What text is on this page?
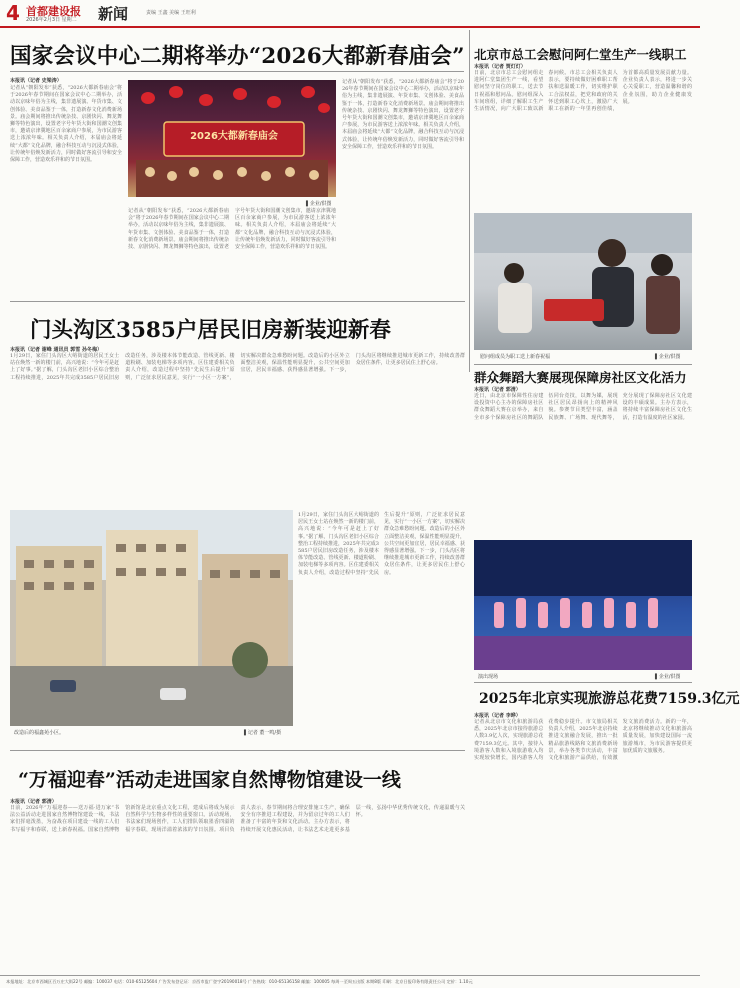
4 首都建设报
2026年2月3日 星期二 新闻	责编 王鑫 美编 王旺利
国家会议中心二期将举办“2026大都新春庙会”
本报讯（记者 史梁涛）
记者从“朝阳发布”获悉，“2026大都新春庙会”将于2026年春节期间在国家会议中心二期举办，活动以京味年俗为主线，集非遗展演、年货市集、文创体验、美食品鉴于一体，打造新春文化消费新场景。庙会期间将推出传统杂技、京剧快闪、舞龙舞狮等特色演出，设置老字号年货大街和国潮文创集市，邀请京津冀地区百余家商户参展，为市民游客送上浓浓年味。相关负责人介绍，本届庙会将延续“大都”文化品牌，融合科技互动与沉浸式体验，让传统年俗焕发新活力，同时做好客流引导和安全保障工作，营造欢乐祥和的节日氛围。
2026大都新春庙会
▌企业/供图
记者从“朝阳发布”获悉，“2026大都新春庙会”将于2026年春节期间在国家会议中心二期举办，活动以京味年俗为主线，集非遗展演、年货市集、文创体验、美食品鉴于一体，打造新春文化消费新场景。庙会期间将推出传统杂技、京剧快闪、舞龙舞狮等特色演出，设置老字号年货大街和国潮文创集市，邀请京津冀地区百余家商户参展，为市民游客送上浓浓年味。相关负责人介绍，本届庙会将延续“大都”文化品牌，融合科技互动与沉浸式体验，让传统年俗焕发新活力，同时做好客流引导和安全保障工作，营造欢乐祥和的节日氛围。
记者从“朝阳发布”获悉，“2026大都新春庙会”将于2026年春节期间在国家会议中心二期举办，活动以京味年俗为主线，集非遗展演、年货市集、文创体验、美食品鉴于一体，打造新春文化消费新场景。庙会期间将推出传统杂技、京剧快闪、舞龙舞狮等特色演出，设置老字号年货大街和国潮文创集市，邀请京津冀地区百余家商户参展，为市民游客送上浓浓年味。相关负责人介绍，本届庙会将延续“大都”文化品牌，融合科技互动与沉浸式体验，让传统年俗焕发新活力，同时做好客流引导和安全保障工作，营造欢乐祥和的节日氛围。
北京市总工会慰问阿仁堂生产一线职工
本报讯（记者 贾灯灯）
日前，北京市总工会慰问组走进阿仁堂集团生产一线，看望慰问坚守岗位的职工，送去节日祝福和慰问品。慰问组深入车间班组，详细了解职工生产生活情况，向广大职工致以新春问候。市总工会相关负责人表示，要持续做好困难职工帮扶和送温暖工作，切实维护职工合法权益，把党和政府的关怀送到职工心坎上，激励广大职工在新的一年里再创佳绩，为首都高质量发展贡献力量。企业负责人表示，将进一步关心关爱职工，营造温馨和谐的企业氛围，助力企业健康发展。
慰问组成员为职工送上新春祝福	▌企业/供图
门头沟区3585户居民旧房新装迎新春
本报讯（记者 谢峰 通讯员 郭雪 孙冬梅）
1月29日，家住门头沟区大峪街道的居民王女士站在焕然一新的楼门前，高兴地说：“今年可是赶上了好事。”据了解，门头沟区老旧小区综合整治工程持续推进，2025年共完成3585户居民旧房改造任务，涉及楼本体节能改造、管线更新、楼道粉刷、加装电梯等多项内容。区住建委相关负责人介绍，改造过程中坚持“先民生后提升”原则，广泛征求居民意见，实行“一小区一方案”，切实解决群众急难愁盼问题。改造后的小区外立面整洁美观，保温性能明显提升，公共空间更加宜居，居民幸福感、获得感显著增强。下一步，门头沟区将继续推进城市更新工作，持续改善群众居住条件，让更多居民住上舒心房。
改造后的福鑫苑小区。	▌记者 董一鸣/摄
1月29日，家住门头沟区大峪街道的居民王女士站在焕然一新的楼门前，高兴地说：“今年可是赶上了好事。”据了解，门头沟区老旧小区综合整治工程持续推进，2025年共完成3585户居民旧房改造任务，涉及楼本体节能改造、管线更新、楼道粉刷、加装电梯等多项内容。区住建委相关负责人介绍，改造过程中坚持“先民生后提升”原则，广泛征求居民意见，实行“一小区一方案”，切实解决群众急难愁盼问题。改造后的小区外立面整洁美观，保温性能明显提升，公共空间更加宜居，居民幸福感、获得感显著增强。下一步，门头沟区将继续推进城市更新工作，持续改善群众居住条件，让更多居民住上舒心房。
群众舞蹈大赛展现保障房社区文化活力
本报讯（记者 郭清）
近日，由北京市保障性住房建设投资中心主办的保障房社区群众舞蹈大赛在京举办，来自全市多个保障房社区的舞蹈队伍同台竞技，以舞为媒，展现社区居民昂扬向上的精神风貌。参赛节目类型丰富，涵盖民族舞、广场舞、现代舞等，充分展现了保障房社区文化建设的丰硕成果。主办方表示，将持续丰富保障房社区文化生活，打造有温度的社区家园。
演出现场	▌企业/供图
2025年北京实现旅游总花费7159.3亿元
本报讯（记者 李晔）
记者从北京市文化和旅游局获悉，2025年北京市接待旅游总人数3.9亿人次，实现旅游总花费7159.3亿元。其中，接待入境游客人数和入境旅游收入均实现较快增长，国内游客人均花费稳步提升。市文旅局相关负责人介绍，2025年北京持续推进文旅融合发展，推出一批精品旅游线路和文旅消费新场景，举办各类节庆活动，丰富文化和旅游产品供给，有效激发文旅消费活力。新的一年，北京将继续推动文化和旅游高质量发展，加快建设国际一流旅游城市，为市民游客提供更加优质的文旅服务。
“万福迎春”活动走进国家自然博物馆建设一线
本报讯（记者 郭清）
日前，2026年“万福迎春——送万福·进万家”书法公益活动走进国家自然博物馆建设一线，书法家们挥毫泼墨，为奋战在项目建设一线的工人们书写福字和春联，送上新春祝福。国家自然博物馆新馆是北京重点文化工程，建成后将成为展示自然科学与生物多样性的重要窗口。活动现场，书法家们现场创作，工人们排队领取墨香四溢的福字春联，现场洋溢着浓浓的节日氛围。项目负责人表示，春节期间将合理安排施工生产，确保安全有序推进工程建设，并为留京过年的工人们准备了丰富的年货和文化活动。主办方表示，将持续开展文化惠民活动，让书法艺术走进更多基层一线，弘扬中华优秀传统文化，传递温暖与关怀。
本报地址：北京市西城区百万庄大街22号 邮编：100037 电话：010-65125604 广告发布登记证：京西市监广登字20190018号 广告热线：010-65136158 邮编：100005 每周一至周五出版 本期8版 印刷：北京日报印务有限责任公司 定价：1.10元
